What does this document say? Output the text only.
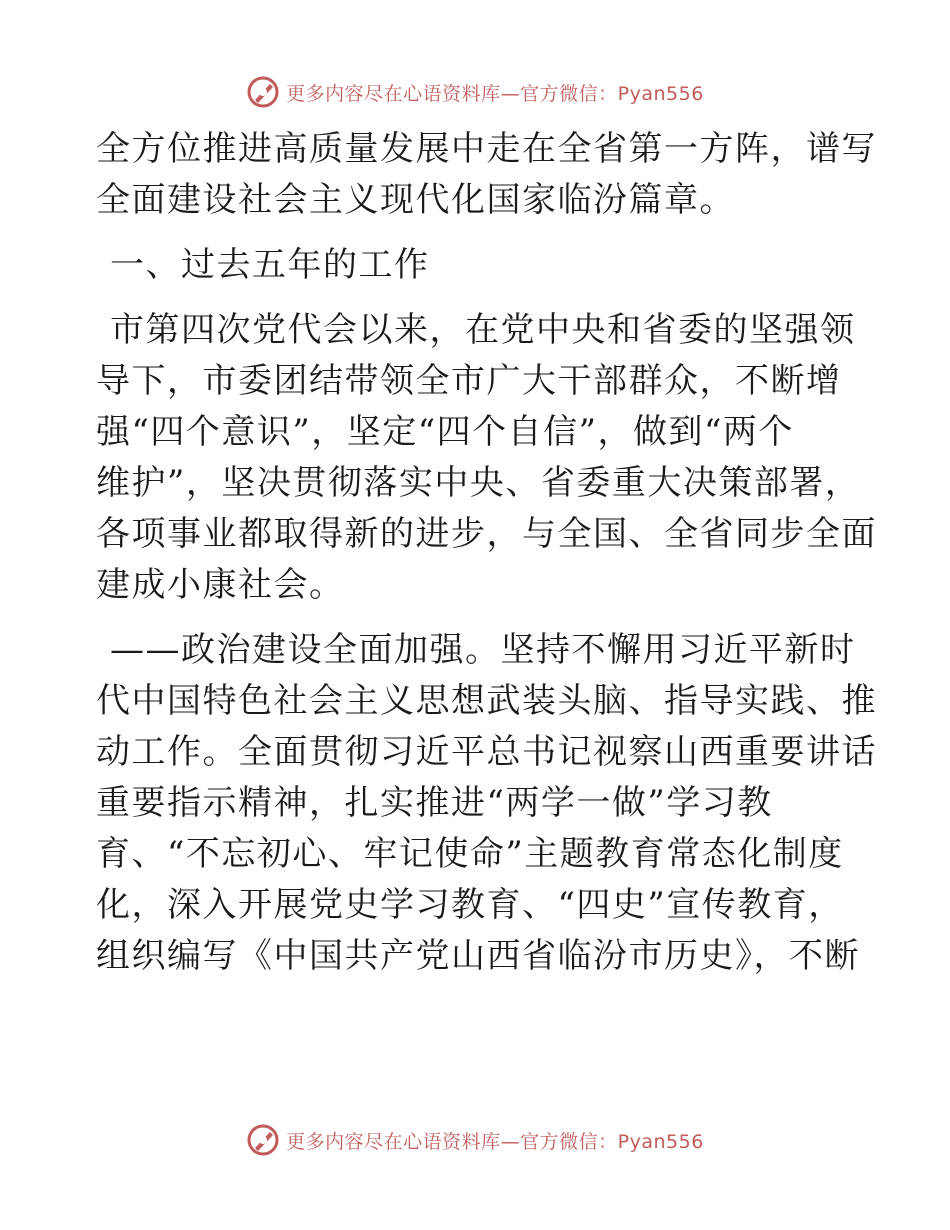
更多内容尽在心语资料库—官方微信：Pyan556

全方位推进高质量发展中走在全省第一方阵，谱写

全面建设社会主义现代化国家临汾篇章。

一、过去五年的工作

市第四次党代会以来，在党中央和省委的坚强领

导下，市委团结带领全市广大干部群众，不断增

强“四个意识”，坚定“四个自信”，做到“两个

维护”，坚决贯彻落实中央、省委重大决策部署，

各项事业都取得新的进步，与全国、全省同步全面

建成小康社会。

——政治建设全面加强。坚持不懈用习近平新时

代中国特色社会主义思想武装头脑、指导实践、推

动工作。全面贯彻习近平总书记视察山西重要讲话

重要指示精神，扎实推进“两学一做”学习教

育、“不忘初心、牢记使命”主题教育常态化制度

化，深入开展党史学习教育、“四史”宣传教育，

组织编写《中国共产党山西省临汾市历史》，不断

更多内容尽在心语资料库—官方微信：Pyan556
